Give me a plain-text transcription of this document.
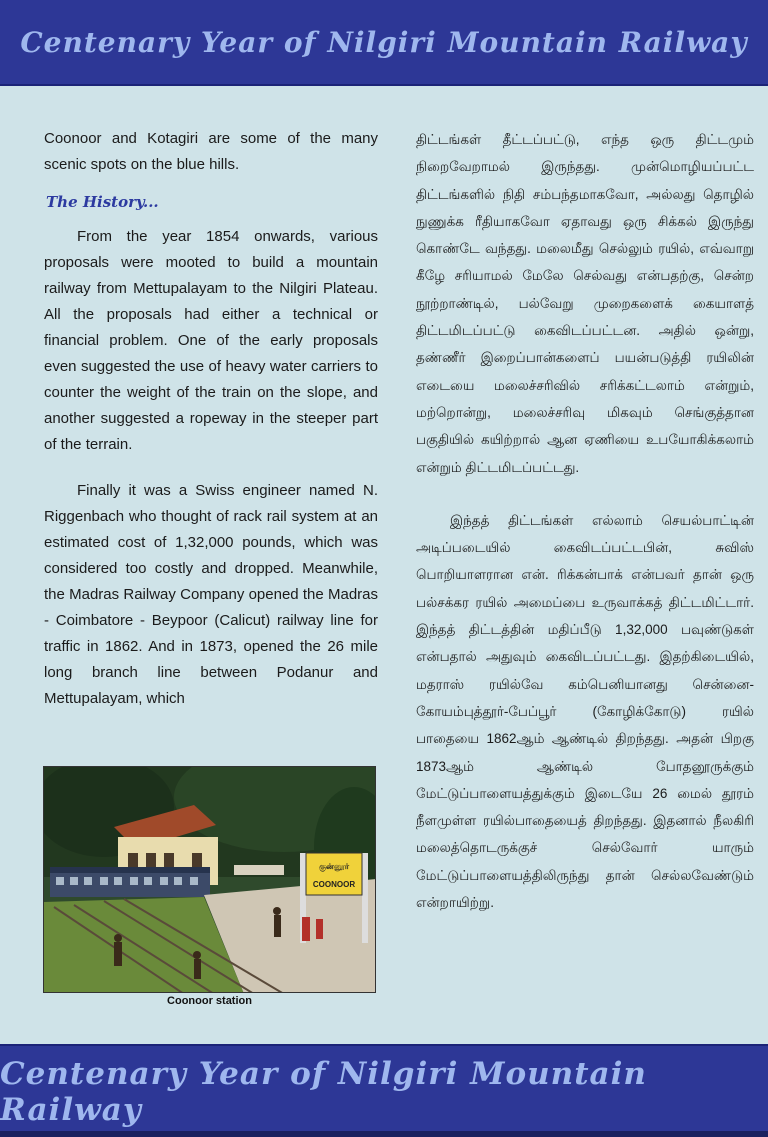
Centenary Year of Nilgiri Mountain Railway

Coonoor and Kotagiri are some of the many scenic spots on the blue hills.

The History...

From the year 1854 onwards, various proposals were mooted to build a mountain railway from Mettupalayam to the Nilgiri Plateau. All the proposals had either a technical or financial problem. One of the early proposals even suggested the use of heavy water carriers to counter the weight of the train on the slope, and another suggested a ropeway in the steeper part of the terrain.

Finally it was a Swiss engineer named N. Riggenbach who thought of rack rail system at an estimated cost of 1,32,000 pounds, which was considered too costly and dropped. Meanwhile, the Madras Railway Company opened the Madras - Coimbatore - Beypoor (Calicut) railway line for traffic in 1862. And in 1873, opened the 26 mile long branch line between Podanur and Mettupalayam, which

திட்டங்கள் தீட்டப்பட்டு, எந்த ஒரு திட்டமும் நிறைவேறாமல் இருந்தது. முன்மொழியப்பட்ட திட்டங்களில் நிதி சம்பந்தமாகவோ, அல்லது தொழில் நுணுக்க ரீதியாகவோ ஏதாவது ஒரு சிக்கல் இருந்து கொண்டே வந்தது. மலைமீது செல்லும் ரயில், எவ்வாறு கீழே சரியாமல் மேலே செல்வது என்பதற்கு, சென்ற நூற்றாண்டில், பல்வேறு முறைகளைக் கையாளத் திட்டமிடப்பட்டு கைவிடப்பட்டன. அதில் ஒன்று, தண்ணீர் இறைப்பான்களைப் பயன்படுத்தி ரயிலின் எடையை மலைச்சரிவில் சரிக்கட்டலாம் என்றும், மற்றொன்று, மலைச்சரிவு மிகவும் செங்குத்தான பகுதியில் கயிற்றால் ஆன ஏணியை உபயோகிக்கலாம் என்றும் திட்டமிடப்பட்டது.

இந்தத் திட்டங்கள் எல்லாம் செயல்பாட்டின் அடிப்படையில் கைவிடப்பட்டபின், சுவிஸ் பொறியாளரான என். ரிக்கன்பாக் என்பவர் தான் ஒரு பல்சக்கர ரயில் அமைப்பை உருவாக்கத் திட்டமிட்டார். இந்தத் திட்டத்தின் மதிப்பீடு 1,32,000 பவுண்டுகள் என்பதால் அதுவும் கைவிடப்பட்டது. இதற்கிடையில், மதராஸ் ரயில்வே கம்பெனியானது சென்னை-கோயம்புத்தூர்-பேப்பூர் (கோழிக்கோடு) ரயில் பாதையை 1862ஆம் ஆண்டில் திறந்தது. அதன் பிறகு 1873ஆம் ஆண்டில் போதனூருக்கும் மேட்டுப்பாளையத்துக்கும் இடையே 26 மைல் தூரம் நீளமுள்ள ரயில்பாதையைத் திறந்தது. இதனால் நீலகிரி மலைத்தொடருக்குச் செல்வோர் யாரும் மேட்டுப்பாளையத்திலிருந்து தான் செல்லவேண்டும் என்றாயிற்று.

குன்னூர்
COONOOR
Coonoor station
Centenary Year of Nilgiri Mountain Railway
